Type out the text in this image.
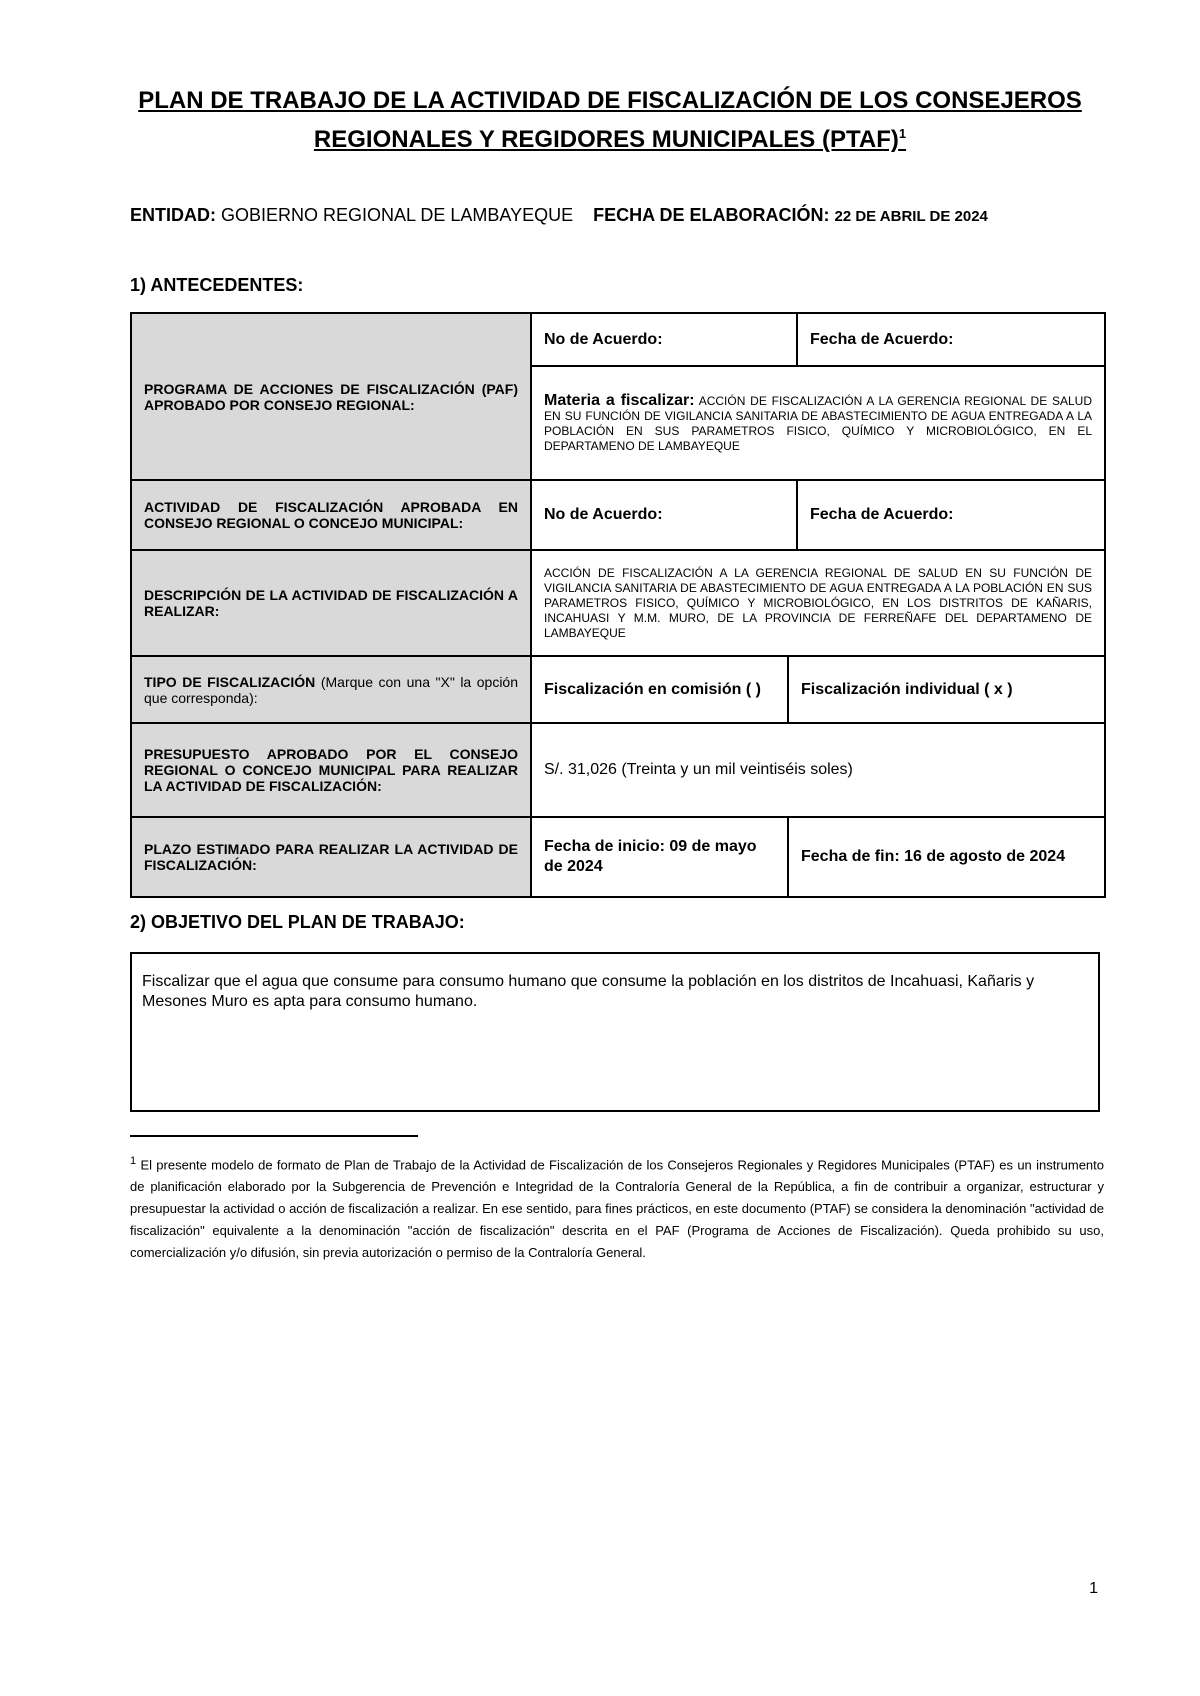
PLAN DE TRABAJO DE LA ACTIVIDAD DE FISCALIZACIÓN DE LOS CONSEJEROS
REGIONALES Y REGIDORES MUNICIPALES (PTAF)$^1$
ENTIDAD: GOBIERNO REGIONAL DE LAMBAYEQUE FECHA DE ELABORACIÓN: 22 DE ABRIL DE 2024
1) ANTECEDENTES:
PROGRAMA DE ACCIONES DE FISCALIZACIÓN (PAF) APROBADO POR CONSEJO REGIONAL:	No de Acuerdo:		Fecha de Acuerdo:
	Materia a fiscalizar: ACCIÓN DE FISCALIZACIÓN A LA GERENCIA REGIONAL DE SALUD EN SU FUNCIÓN DE VIGILANCIA SANITARIA DE ABASTECIMIENTO DE AGUA ENTREGADA A LA POBLACIÓN EN SUS PARAMETROS FISICO, QUÍMICO Y MICROBIOLÓGICO, EN EL DEPARTAMENO DE LAMBAYEQUE		
ACTIVIDAD DE FISCALIZACIÓN APROBADA EN CONSEJO REGIONAL O CONCEJO MUNICIPAL:	No de Acuerdo:		Fecha de Acuerdo:
DESCRIPCIÓN DE LA ACTIVIDAD DE FISCALIZACIÓN A REALIZAR:	ACCIÓN DE FISCALIZACIÓN A LA GERENCIA REGIONAL DE SALUD EN SU FUNCIÓN DE VIGILANCIA SANITARIA DE ABASTECIMIENTO DE AGUA ENTREGADA A LA POBLACIÓN EN SUS PARAMETROS FISICO, QUÍMICO Y MICROBIOLÓGICO, EN LOS DISTRITOS DE KAÑARIS, INCAHUASI Y M.M. MURO, DE LA PROVINCIA DE FERREÑAFE DEL DEPARTAMENO DE LAMBAYEQUE		
TIPO DE FISCALIZACIÓN (Marque con una "X" la opción que corresponda):	Fiscalización en comisión ( )	Fiscalización individual ( x )	
PRESUPUESTO APROBADO POR EL CONSEJO REGIONAL O CONCEJO MUNICIPAL PARA REALIZAR LA ACTIVIDAD DE FISCALIZACIÓN:	S/. 31,026 (Treinta y un mil veintiséis soles)		
PLAZO ESTIMADO PARA REALIZAR LA ACTIVIDAD DE FISCALIZACIÓN:	Fecha de inicio: 09 de mayo de 2024	Fecha de fin: 16 de agosto de 2024	
2) OBJETIVO DEL PLAN DE TRABAJO:
Fiscalizar que el agua que consume para consumo humano que consume la población en los distritos de Incahuasi, Kañaris y Mesones Muro es apta para consumo humano.
$^1$ El presente modelo de formato de Plan de Trabajo de la Actividad de Fiscalización de los Consejeros Regionales y Regidores Municipales (PTAF) es un instrumento de planificación elaborado por la Subgerencia de Prevención e Integridad de la Contraloría General de la República, a fin de contribuir a organizar, estructurar y presupuestar la actividad o acción de fiscalización a realizar. En ese sentido, para fines prácticos, en este documento (PTAF) se considera la denominación "actividad de fiscalización" equivalente a la denominación "acción de fiscalización" descrita en el PAF (Programa de Acciones de Fiscalización). Queda prohibido su uso, comercialización y/o difusión, sin previa autorización o permiso de la Contraloría General.
1
